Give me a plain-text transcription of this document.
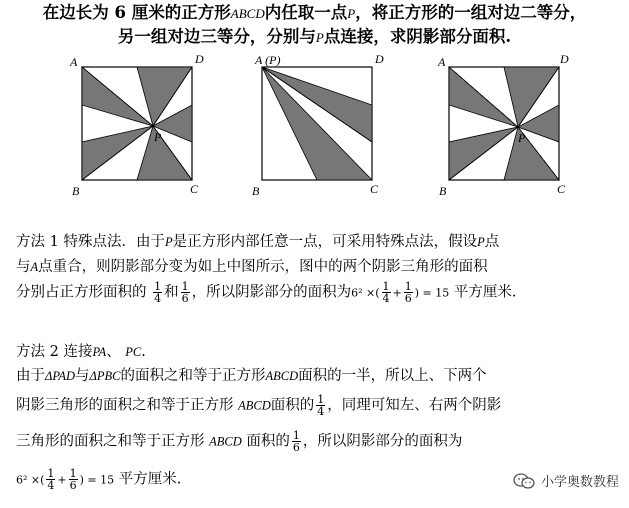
在边长为 6 厘米的正方形ABCD内任取一点P，将正方形的一组对边二等分，
另一组对边三等分，分别与P点连接，求阴影部分面积.
A	D
B	C
P
A (P)	D
B	C
A	D
B	C
P
方法 1 特殊点法．由于P是正方形内部任意一点，可采用特殊点法，假设P点
与A点重合，则阴影部分变为如上中图所示，图中的两个阴影三角形的面积
分别占正方形面积的 $\frac{1}{4}$ 和 $\frac{1}{6}$ ，所以阴影部分的面积为6² ×( $\frac{1}{4} + \frac{1}{6}$ ) = 15 平方厘米.
方法 2 连接PA、 PC.
由于ΔPAD与ΔPBC的面积之和等于正方形ABCD面积的一半，所以上、下两个
阴影三角形的面积之和等于正方形 ABCD面积的 $\frac{1}{4}$ ，同理可知左、右两个阴影
三角形的面积之和等于正方形 ABCD 面积的 $\frac{1}{6}$ ，所以阴影部分的面积为
6² ×( $\frac{1}{4} + \frac{1}{6}$ ) = 15 平方厘米.	小学奥数教程
